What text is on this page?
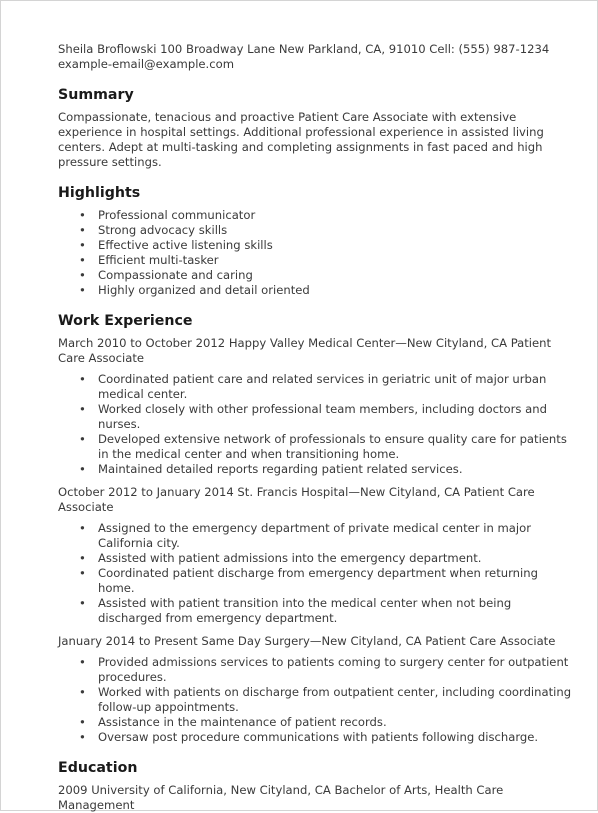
Sheila Broflowski 100 Broadway Lane New Parkland, CA, 91010 Cell: (555) 987-1234 example-email@example.com

Summary

Compassionate, tenacious and proactive Patient Care Associate with extensive experience in hospital settings. Additional professional experience in assisted living centers. Adept at multi-tasking and completing assignments in fast paced and high pressure settings.

Highlights
• Professional communicator
• Strong advocacy skills
• Effective active listening skills
• Efficient multi-tasker
• Compassionate and caring
• Highly organized and detail oriented
Work Experience

March 2010 to October 2012 Happy Valley Medical Center—New Cityland, CA Patient Care Associate

• Coordinated patient care and related services in geriatric unit of major urban medical center.
• Worked closely with other professional team members, including doctors and nurses.
• Developed extensive network of professionals to ensure quality care for patients in the medical center and when transitioning home.
• Maintained detailed reports regarding patient related services.

October 2012 to January 2014 St. Francis Hospital—New Cityland, CA Patient Care Associate

• Assigned to the emergency department of private medical center in major California city.
• Assisted with patient admissions into the emergency department.
• Coordinated patient discharge from emergency department when returning home.
• Assisted with patient transition into the medical center when not being discharged from emergency department.

January 2014 to Present Same Day Surgery—New Cityland, CA Patient Care Associate

• Provided admissions services to patients coming to surgery center for outpatient procedures.
• Worked with patients on discharge from outpatient center, including coordinating follow-up appointments.
• Assistance in the maintenance of patient records.
• Oversaw post procedure communications with patients following discharge.
Education

2009 University of California, New Cityland, CA Bachelor of Arts, Health Care Management
